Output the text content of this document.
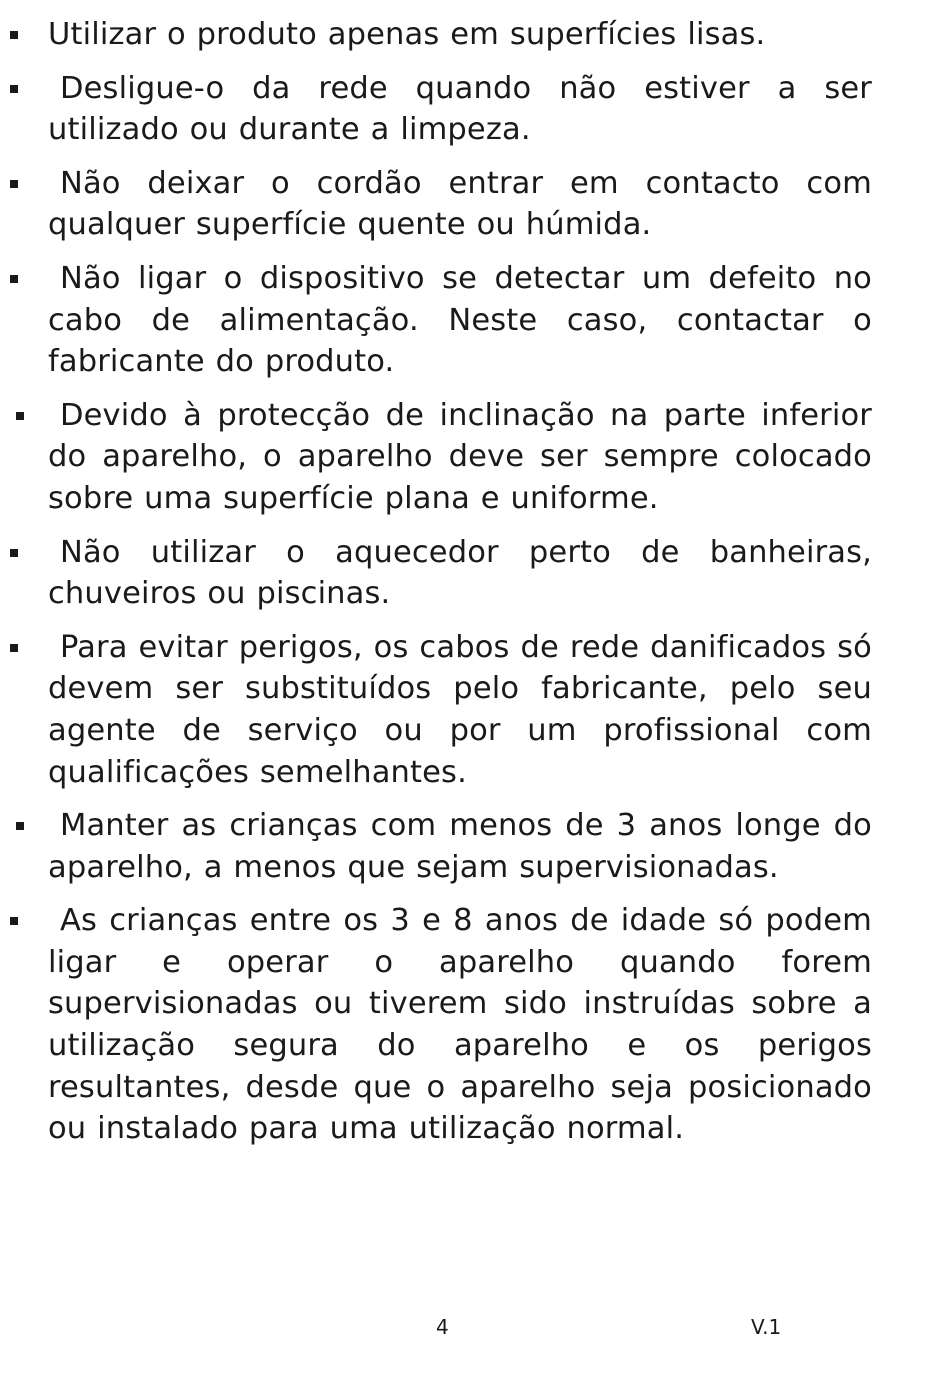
Utilizar o produto apenas em superfícies lisas.
Desligue-o da rede quando não estiver a ser utilizado ou durante a limpeza.
Não deixar o cordão entrar em contacto com qualquer superfície quente ou húmida.
Não ligar o dispositivo se detectar um defeito no cabo de alimentação. Neste caso, contactar o fabricante do produto.
Devido à protecção de inclinação na parte inferior do aparelho, o aparelho deve ser sempre colocado sobre uma superfície plana e uniforme.
Não utilizar o aquecedor perto de banheiras, chuveiros ou piscinas.
Para evitar perigos, os cabos de rede danificados só devem ser substituídos pelo fabricante, pelo seu agente de serviço ou por um profissional com qualificações semelhantes.
Manter as crianças com menos de 3 anos longe do aparelho, a menos que sejam supervisionadas.
As crianças entre os 3 e 8 anos de idade só podem ligar e operar o aparelho quando forem supervisionadas ou tiverem sido instruídas sobre a utilização segura do aparelho e os perigos resultantes, desde que o aparelho seja posicionado ou instalado para uma utilização normal.
4	V.1
